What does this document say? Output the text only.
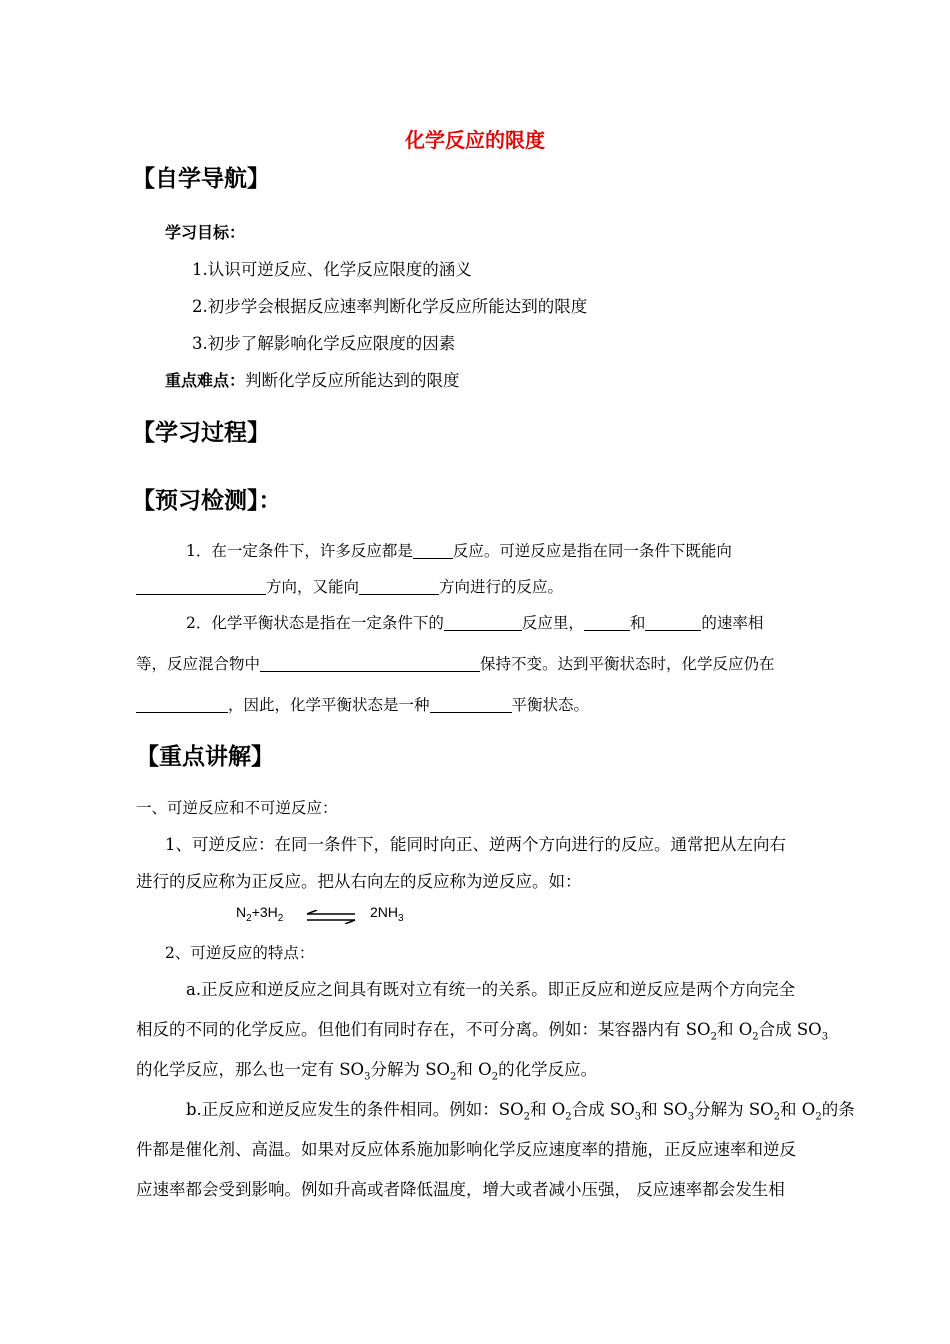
化学反应的限度
【自学导航】
学习目标：
1.认识可逆反应、化学反应限度的涵义
2.初步学会根据反应速率判断化学反应所能达到的限度
3.初步了解影响化学反应限度的因素
重点难点：判断化学反应所能达到的限度
【学习过程】
【预习检测】：
1．在一定条件下，许多反应都是	反应。可逆反应是指在同一条件下既能向
方向，又能向	方向进行的反应。
2．化学平衡状态是指在一定条件下的	反应里，	和	的速率相
等，反应混合物中	保持不变。达到平衡状态时，化学反应仍在
，因此，化学平衡状态是一种	平衡状态。
【重点讲解】
一、可逆反应和不可逆反应：
1、可逆反应：在同一条件下，能同时向正、逆两个方向进行的反应。通常把从左向右
进行的反应称为正反应。把从右向左的反应称为逆反应。如：
$N_2+3H_2$ ⇌ $2NH_3$
2、可逆反应的特点：
a.正反应和逆反应之间具有既对立有统一的关系。即正反应和逆反应是两个方向完全
相反的不同的化学反应。但他们有同时存在，不可分离。例如：某容器内有 $SO_2$和 $O_2$合成 $SO_3$
的化学反应，那么也一定有 $SO_3$分解为 $SO_2$和 $O_2$的化学反应。
b.正反应和逆反应发生的条件相同。例如：$SO_2$和 $O_2$合成 $SO_3$和 $SO_3$分解为 $SO_2$和 $O_2$的条
件都是催化剂、高温。如果对反应体系施加影响化学反应速度率的措施，正反应速率和逆反
应速率都会受到影响。例如升高或者降低温度，增大或者减小压强， 反应速率都会发生相
